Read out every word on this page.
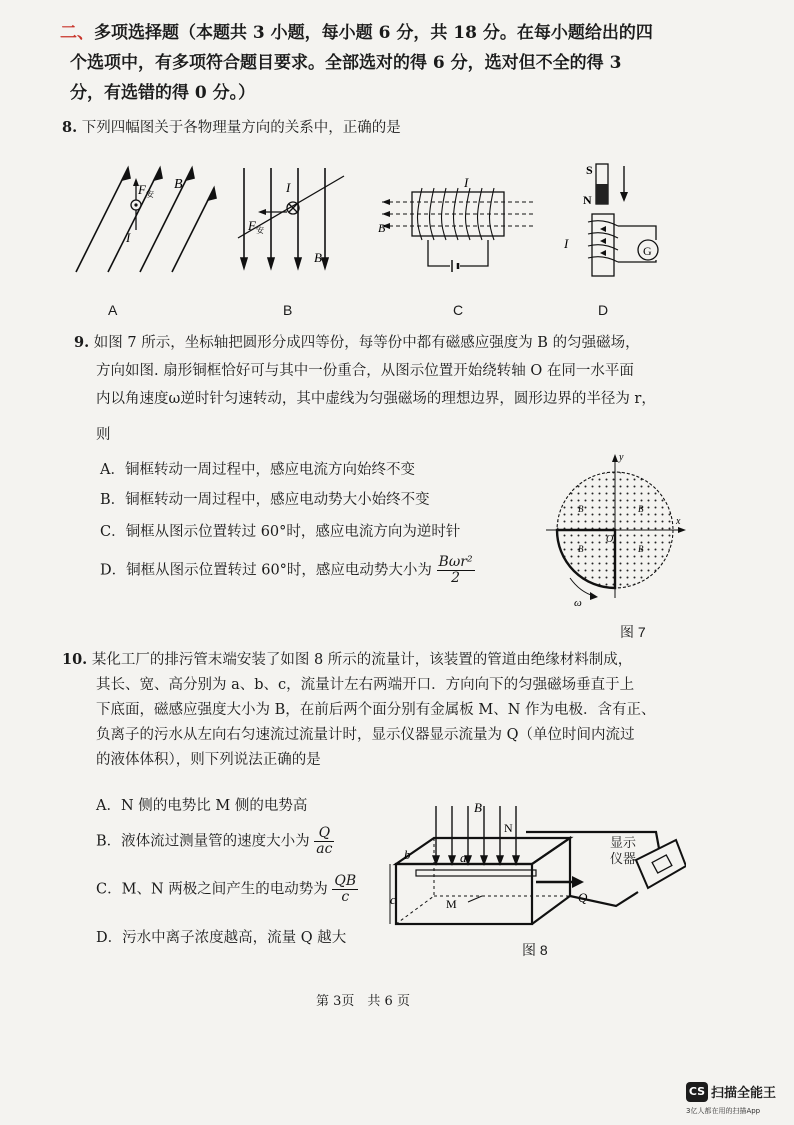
二、多项选择题（本题共 3 小题，每小题 6 分，共 18 分。在每小题给出的四
个选项中，有多项符合题目要求。全部选对的得 6 分，选对但不全的得 3
分，有选错的得 0 分。）
8. 下列四幅图关于各物理量方向的关系中，正确的是
F 安
I
B
A
I
F 安
B
B
I
B
C
S
N
I	G
D
9. 如图 7 所示，坐标轴把圆形分成四等份，每等份中都有磁感应强度为 B 的匀强磁场，
方向如图. 扇形铜框恰好可与其中一份重合，从图示位置开始绕转轴 O 在同一水平面
内以角速度ω逆时针匀速转动，其中虚线为匀强磁场的理想边界，圆形边界的半径为 r，
则
A．铜框转动一周过程中，感应电流方向始终不变
B．铜框转动一周过程中，感应电动势大小始终不变
C．铜框从图示位置转过 60°时，感应电流方向为逆时针
D．铜框从图示位置转过 60°时，感应电动势大小为 $\frac{\text{Bωr²}}{2}$
x
y
O
B	B
B	B
ω
图 7
10. 某化工厂的排污管末端安装了如图 8 所示的流量计，该装置的管道由绝缘材料制成，
其长、宽、高分别为 a、b、c，流量计左右两端开口．方向向下的匀强磁场垂直于上
下底面，磁感应强度大小为 B，在前后两个面分别有金属板 M、N 作为电极．含有正、
负离子的污水从左向右匀速流过流量计时，显示仪器显示流量为 Q（单位时间内流过
的液体体积），则下列说法正确的是
A．N 侧的电势比 M 侧的电势高
B．液体流过测量管的速度大小为 $\frac{Q}{ac}$
C．M、N 两极之间产生的电动势为 $\frac{QB}{c}$
D．污水中离子浓度越高，流量 Q 越大
B
a
N
b
c	M	Q
显示仪器
图 8
第 3页　共 6 页
CS 扫描全能王
3亿人都在用的扫描App
